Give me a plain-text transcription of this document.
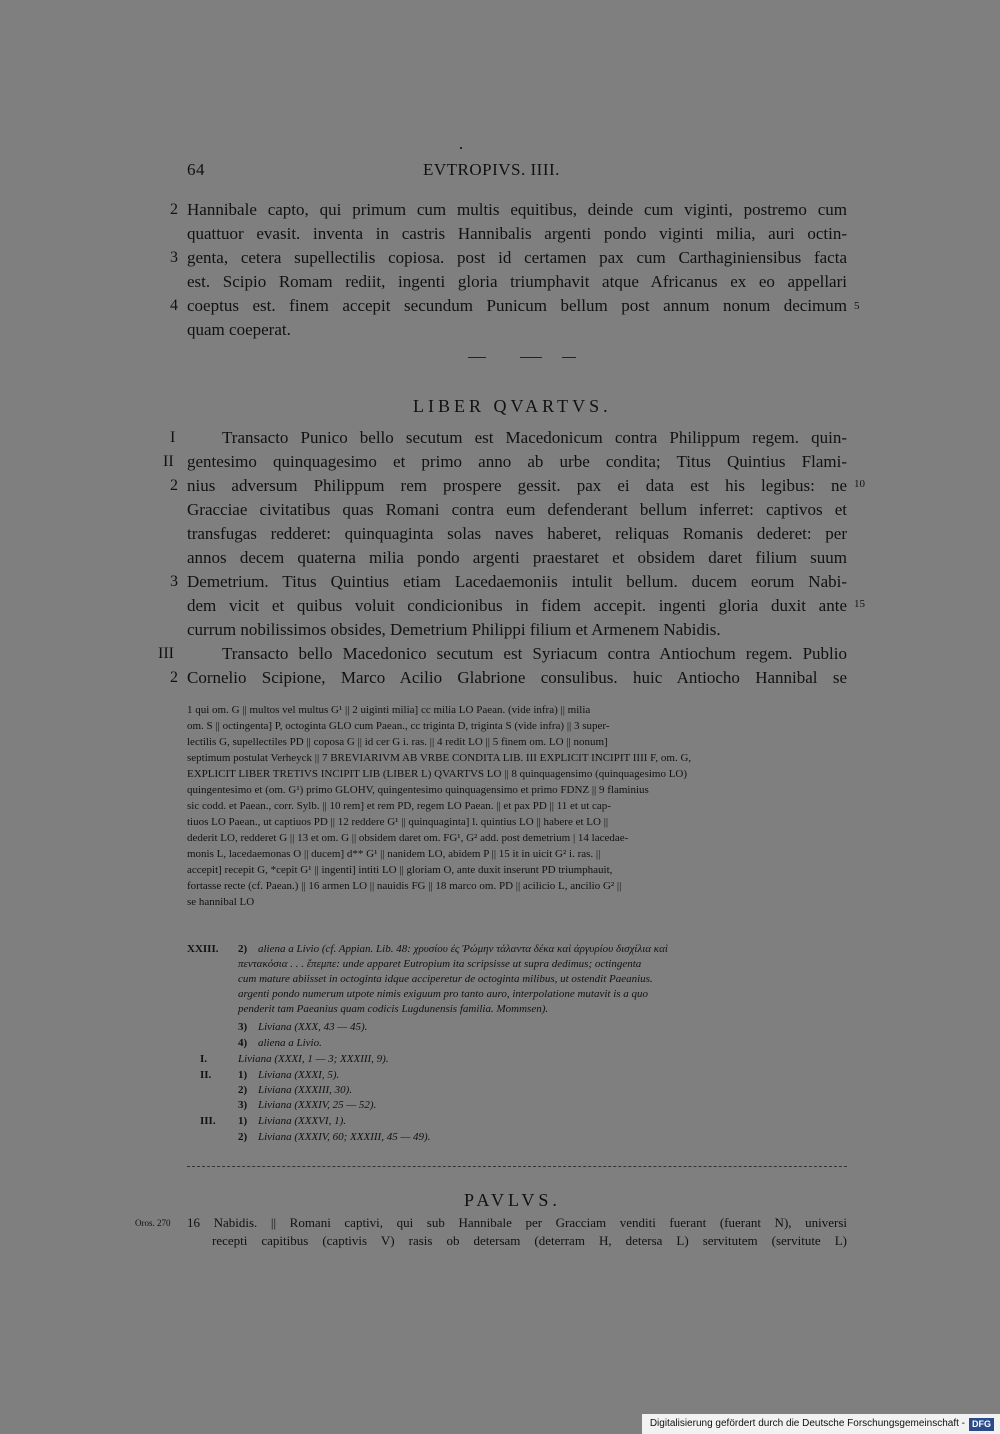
64	EVTROPIVS. IIII.
Hannibale capto, qui primum cum multis equitibus, deinde cum viginti, postremo cum
quattuor evasit. inventa in castris Hannibalis argenti pondo viginti milia, auri octin-
genta, cetera supellectilis copiosa. post id certamen pax cum Carthaginiensibus facta
est. Scipio Romam rediit, ingenti gloria triumphavit atque Africanus ex eo appellari
coeptus est. finem accepit secundum Punicum bellum post annum nonum decimum
quam coeperat.
2
3
4	5
LIBER QVARTVS.
Transacto Punico bello secutum est Macedonicum contra Philippum regem. quin-
gentesimo quinquagesimo et primo anno ab urbe condita; Titus Quintius Flami-
nius adversum Philippum rem prospere gessit. pax ei data est his legibus: ne
Gracciae civitatibus quas Romani contra eum defenderant bellum inferret: captivos et
transfugas redderet: quinquaginta solas naves haberet, reliquas Romanis dederet: per
annos decem quaterna milia pondo argenti praestaret et obsidem daret filium suum
Demetrium. Titus Quintius etiam Lacedaemoniis intulit bellum. ducem eorum Nabi-
dem vicit et quibus voluit condicionibus in fidem accepit. ingenti gloria duxit ante
currum nobilissimos obsides, Demetrium Philippi filium et Armenem Nabidis.
Transacto bello Macedonico secutum est Syriacum contra Antiochum regem. Publio
Cornelio Scipione, Marco Acilio Glabrione consulibus. huic Antiocho Hannibal se
I
II
2
3
III
2
10
15
1 qui om. G || multos vel multus G¹ || 2 uiginti milia] cc milia LO Paean. (vide infra) || milia
om. S || octingenta] P, octoginta GLO cum Paean., cc triginta D, triginta S (vide infra) || 3 super-
lectilis G, supellectiles PD || coposa G || id cer G i. ras. || 4 redit LO || 5 finem om. LO || nonum]
septimum postulat Verheyck || 7 BREVIARIVM AB VRBE CONDITA LIB. III EXPLICIT INCIPIT IIII F, om. G,
EXPLICIT LIBER TRETIVS INCIPIT LIB (LIBER L) QVARTVS LO || 8 quinquagensimo (quinquagesimo LO)
quingentesimo et (om. G¹) primo GLOHV, quingentesimo quinquagensimo et primo FDNZ || 9 flaminius
sic codd. et Paean., corr. Sylb. || 10 rem] et rem PD, regem LO Paean. || et pax PD || 11 et ut cap-
tiuos LO Paean., ut captiuos PD || 12 reddere G¹ || quinquaginta] l. quintius LO || habere et LO ||
dederit LO, redderet G || 13 et om. G || obsidem daret om. FG¹, G² add. post demetrium | 14 lacedae-
monis L, lacedaemonas O || ducem] d** G¹ || nanidem LO, abidem P || 15 it in uicit G² i. ras. ||
accepit] recepit G, *cepit G¹ || ingenti] intiti LO || gloriam O, ante duxit inserunt PD triumphauit,
fortasse recte (cf. Paean.) || 16 armen LO || nauidis FG || 18 marco om. PD || acilicio L, ancilio G² ||
se hannibal LO
XXIII. 2) aliena a Livio (cf. Appian. Lib. 48: χρυσίου ἐς Ῥώμην τάλαντα δέκα καὶ ἀργυρίου δισχίλια καὶ
πεντακόσια . . . ἔπεμπε: unde apparet Eutropium ita scripsisse ut supra dedimus; octingenta
cum mature abiisset in octoginta idque acciperetur de octoginta milibus, ut ostendit Paeanius.
argenti pondo numerum utpote nimis exiguum pro tanto auro, interpolatione mutavit is a quo
penderit tam Paeanius quam codicis Lugdunensis familia. Mommsen).
3) Liviana (XXX, 43 — 45).
4) aliena a Livio.
I.	Liviana (XXXI, 1 — 3; XXXIII, 9).
II. 1) Liviana (XXXI, 5).
2) Liviana (XXXIII, 30).
3) Liviana (XXXIV, 25 — 52).
III. 1) Liviana (XXXVI, 1).
2) Liviana (XXXIV, 60; XXXIII, 45 — 49).
PAVLVS.
Oros. 270 16 Nabidis. || Romani captivi, qui sub Hannibale per Gracciam venditi fuerant (fuerant N), universi
recepti capitibus (captivis V) rasis ob detersam (deterram H, detersa L) servitutem (servitute L)
Digitalisierung gefördert durch die Deutsche Forschungsgemeinschaft - DFG
